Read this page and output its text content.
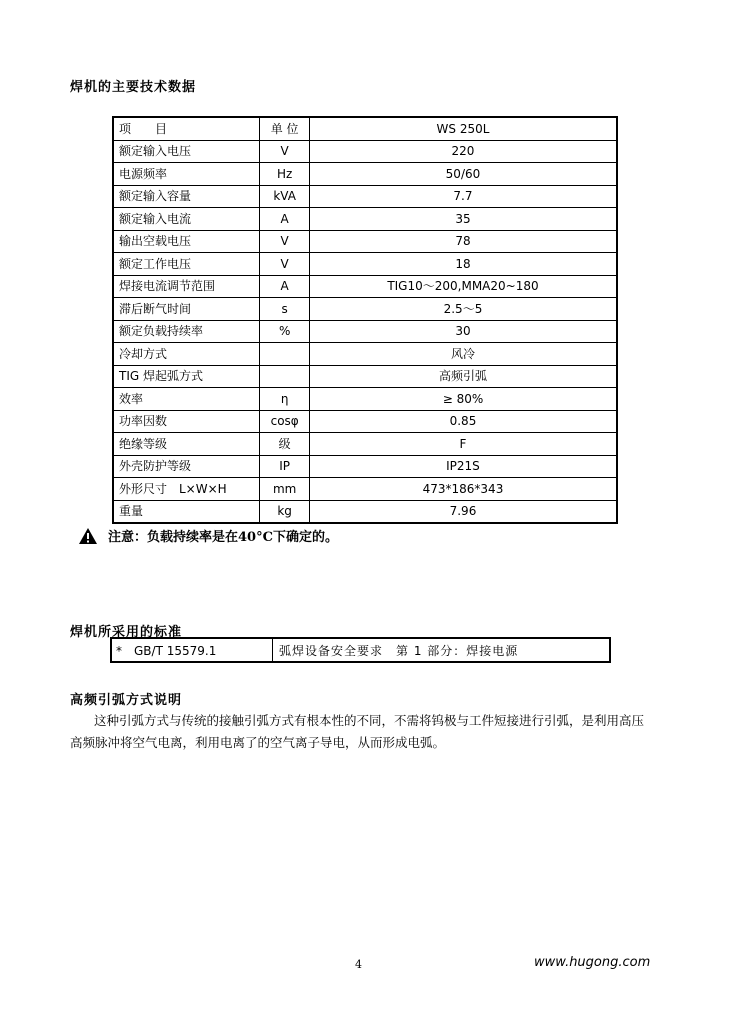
焊机的主要技术数据
项　　目	单 位	WS 250L
额定输入电压	V	220
电源频率	Hz	50/60
额定输入容量	kVA	7.7
额定输入电流	A	35
输出空载电压	V	78
额定工作电压	V	18
焊接电流调节范围	A	TIG10～200,MMA20~180
滞后断气时间	s	2.5～5
额定负载持续率	%	30
冷却方式		风冷
TIG 焊起弧方式		高频引弧
效率	η	≥ 80%
功率因数	cosφ	0.85
绝缘等级	级	F
外壳防护等级	IP	IP21S
外形尺寸　L×W×H	mm	473*186*343
重量	kg	7.96
注意：负载持续率是在40°C下确定的。
焊机所采用的标准
*　GB/T 15579.1	弧焊设备安全要求　第 1 部分：焊接电源
高频引弧方式说明
这种引弧方式与传统的接触引弧方式有根本性的不同，不需将钨极与工件短接进行引弧，是利用高压
高频脉冲将空气电离，利用电离了的空气离子导电，从而形成电弧。
4	www.hugong.com
